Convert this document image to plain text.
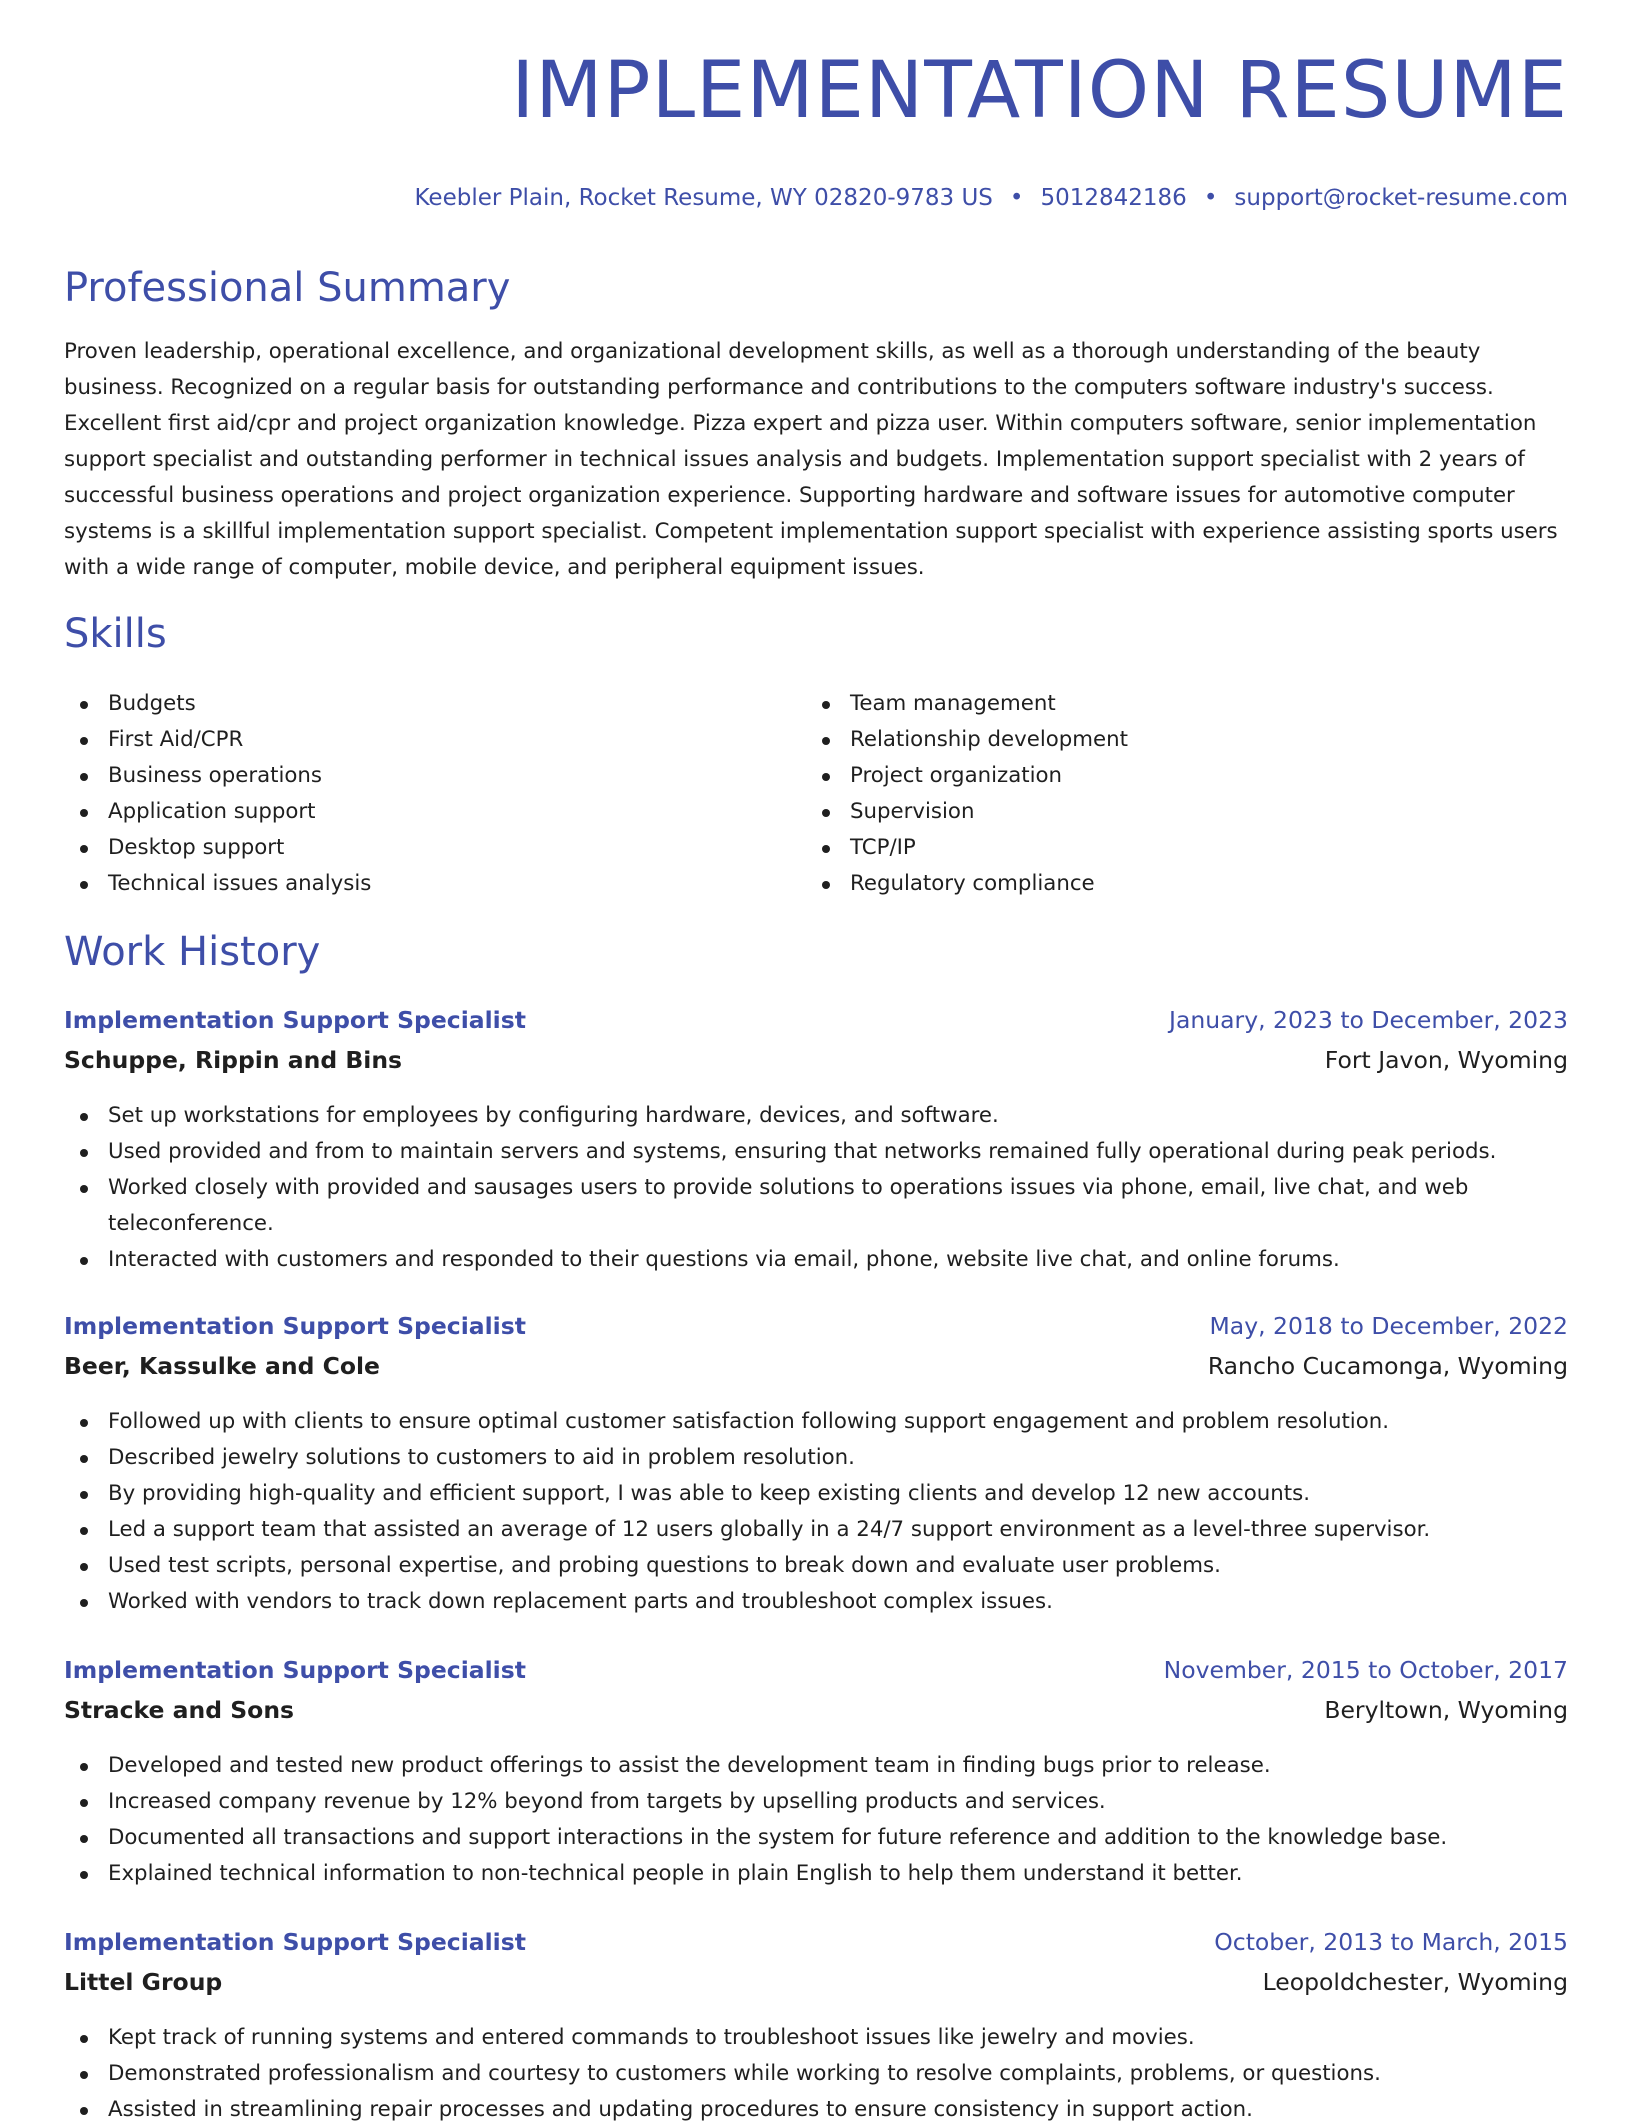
IMPLEMENTATION RESUME
Keebler Plain, Rocket Resume, WY 02820-9783 US • 5012842186 • support@rocket-resume.com
Professional Summary

Proven leadership, operational excellence, and organizational development skills, as well as a thorough understanding of the beauty business. Recognized on a regular basis for outstanding performance and contributions to the computers software industry's success. Excellent first aid/cpr and project organization knowledge. Pizza expert and pizza user. Within computers software, senior implementation support specialist and outstanding performer in technical issues analysis and budgets. Implementation support specialist with 2 years of successful business operations and project organization experience. Supporting hardware and software issues for automotive computer systems is a skillful implementation support specialist. Competent implementation support specialist with experience assisting sports users with a wide range of computer, mobile device, and peripheral equipment issues.

Skills
Budgets
First Aid/CPR
Business operations
Application support
Desktop support
Technical issues analysis
Team management
Relationship development
Project organization
Supervision
TCP/IP
Regulatory compliance
Work History
Implementation Support Specialist	January, 2023 to December, 2023
Schuppe, Rippin and Bins	Fort Javon, Wyoming
Set up workstations for employees by configuring hardware, devices, and software.
Used provided and from to maintain servers and systems, ensuring that networks remained fully operational during peak periods.
Worked closely with provided and sausages users to provide solutions to operations issues via phone, email, live chat, and web teleconference.
Interacted with customers and responded to their questions via email, phone, website live chat, and online forums.
Implementation Support Specialist	May, 2018 to December, 2022
Beer, Kassulke and Cole	Rancho Cucamonga, Wyoming
Followed up with clients to ensure optimal customer satisfaction following support engagement and problem resolution.
Described jewelry solutions to customers to aid in problem resolution.
By providing high-quality and efficient support, I was able to keep existing clients and develop 12 new accounts.
Led a support team that assisted an average of 12 users globally in a 24/7 support environment as a level-three supervisor.
Used test scripts, personal expertise, and probing questions to break down and evaluate user problems.
Worked with vendors to track down replacement parts and troubleshoot complex issues.
Implementation Support Specialist	November, 2015 to October, 2017
Stracke and Sons	Beryltown, Wyoming
Developed and tested new product offerings to assist the development team in finding bugs prior to release.
Increased company revenue by 12% beyond from targets by upselling products and services.
Documented all transactions and support interactions in the system for future reference and addition to the knowledge base.
Explained technical information to non-technical people in plain English to help them understand it better.
Implementation Support Specialist	October, 2013 to March, 2015
Littel Group	Leopoldchester, Wyoming
Kept track of running systems and entered commands to troubleshoot issues like jewelry and movies.
Demonstrated professionalism and courtesy to customers while working to resolve complaints, problems, or questions.
Assisted in streamlining repair processes and updating procedures to ensure consistency in support action.
